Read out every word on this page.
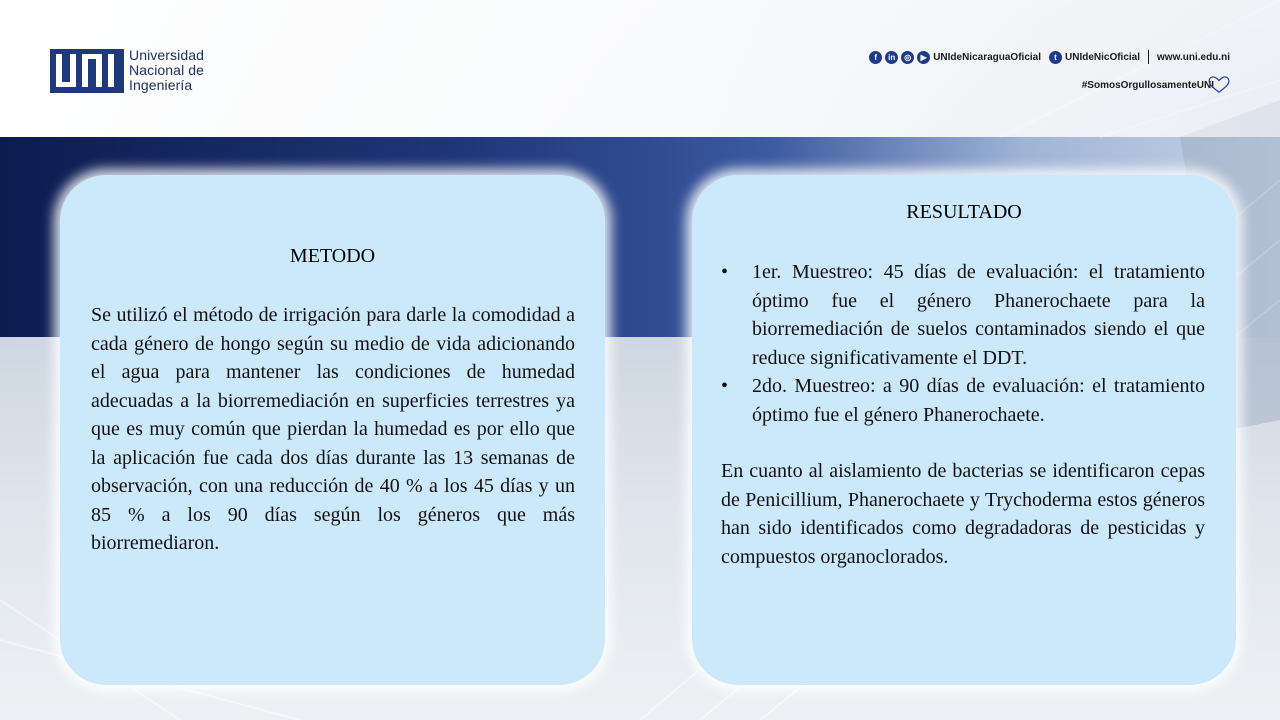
Universidad
Nacional de
Ingeniería
f	in	◎	▶ UNIdeNicaraguaOficial	t UNIdeNicOficial www.uni.edu.ni
#SomosOrgullosamenteUNI
METODO
Se utilizó el método de irrigación para darle la comodidad a cada género de hongo según su medio de vida adicionando el agua para mantener las condiciones de humedad adecuadas a la biorremediación en superficies terrestres ya que es muy común que pierdan la humedad es por ello que la aplicación fue cada dos días durante las 13 semanas de observación, con una reducción de 40 % a los 45 días y un 85 % a los 90 días según los géneros que más biorremediaron.
RESULTADO
• 1er. Muestreo: 45 días de evaluación: el tratamiento óptimo fue el género Phanerochaete para la biorremediación de suelos contaminados siendo el que reduce significativamente el DDT.
• 2do. Muestreo: a 90 días de evaluación: el tratamiento óptimo fue el género Phanerochaete.
En cuanto al aislamiento de bacterias se identificaron cepas de Penicillium, Phanerochaete y Trychoderma estos géneros han sido identificados como degradadoras de pesticidas y compuestos organoclorados.
